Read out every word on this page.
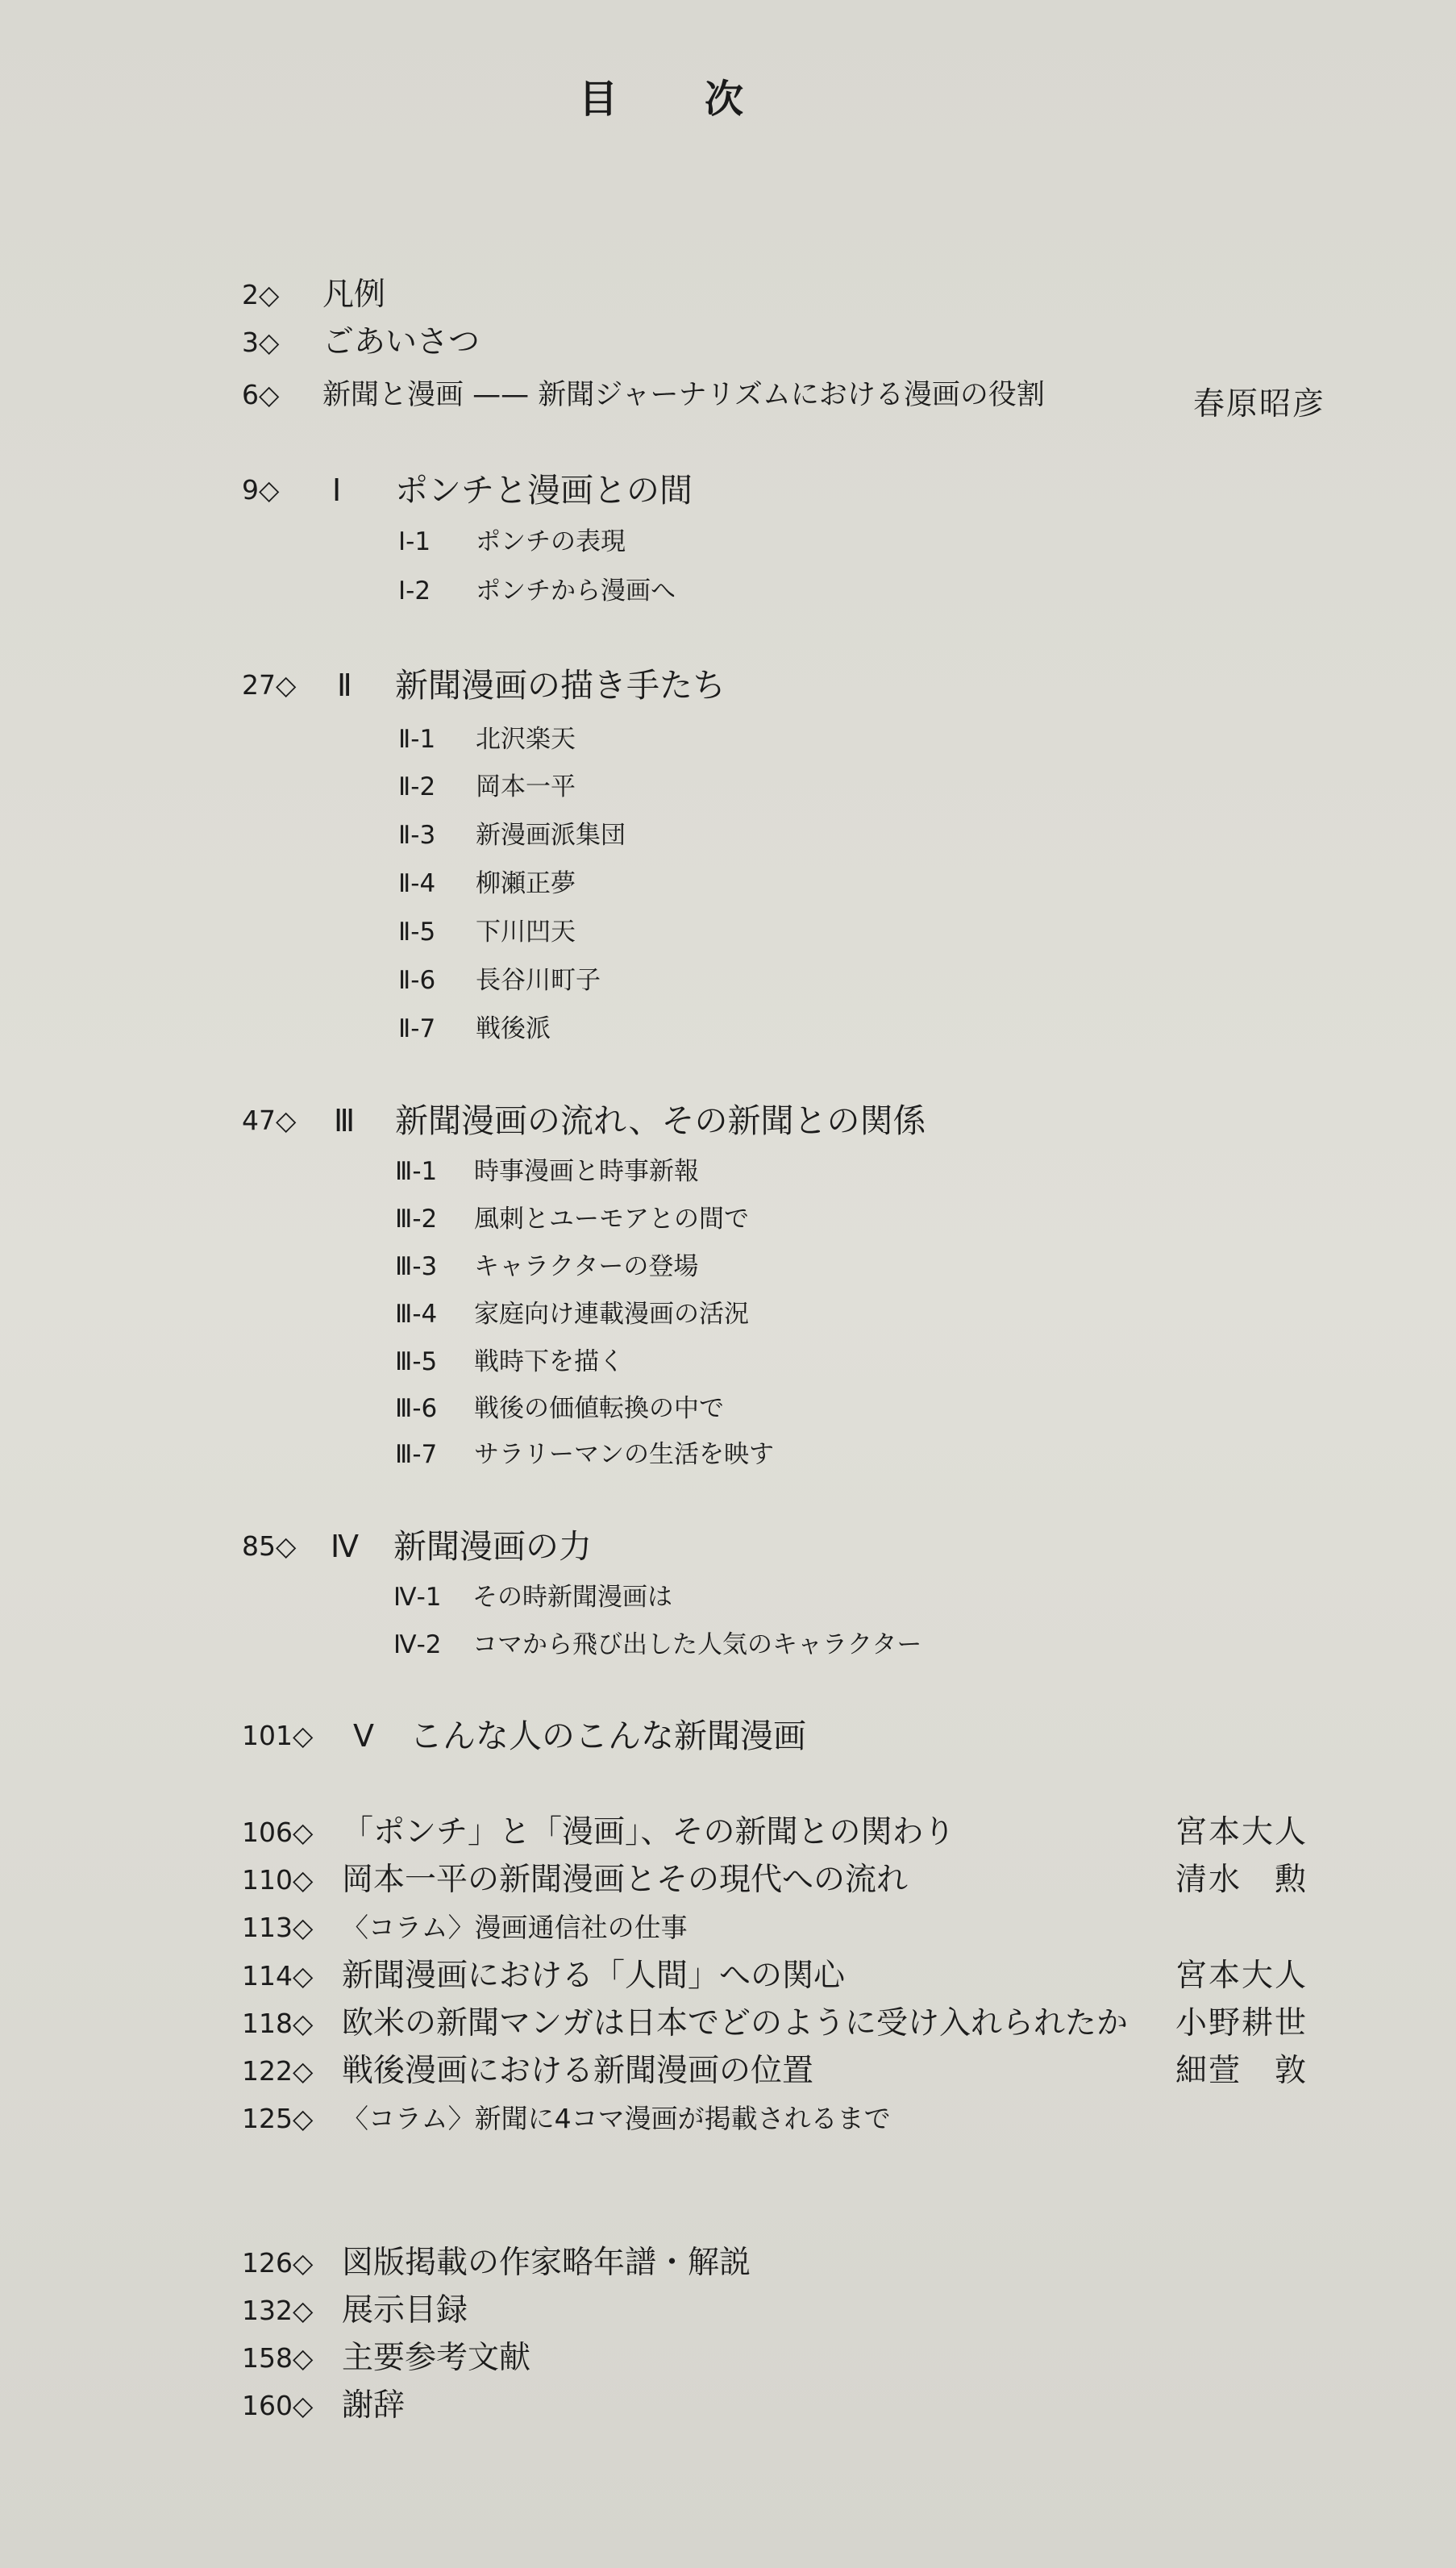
目　次
2◇ 凡例
3◇ ごあいさつ
6◇ 新聞と漫画 —— 新聞ジャーナリズムにおける漫画の役割	春原昭彦
9◇ Ⅰ ポンチと漫画との間
Ⅰ-1 ポンチの表現
Ⅰ-2 ポンチから漫画へ
27◇ Ⅱ 新聞漫画の描き手たち
Ⅱ-1 北沢楽天
Ⅱ-2 岡本一平
Ⅱ-3 新漫画派集団
Ⅱ-4 柳瀬正夢
Ⅱ-5 下川凹天
Ⅱ-6 長谷川町子
Ⅱ-7 戦後派
47◇ Ⅲ 新聞漫画の流れ、その新聞との関係
Ⅲ-1 時事漫画と時事新報
Ⅲ-2 風刺とユーモアとの間で
Ⅲ-3 キャラクターの登場
Ⅲ-4 家庭向け連載漫画の活況
Ⅲ-5 戦時下を描く
Ⅲ-6 戦後の価値転換の中で
Ⅲ-7 サラリーマンの生活を映す
85◇ Ⅳ 新聞漫画の力
Ⅳ-1 その時新聞漫画は
Ⅳ-2 コマから飛び出した人気のキャラクター
101◇ Ⅴ こんな人のこんな新聞漫画
106◇ 「ポンチ」と「漫画」、その新聞との関わり	宮本大人
110◇ 岡本一平の新聞漫画とその現代への流れ	清水　勲
113◇ 〈コラム〉漫画通信社の仕事
114◇ 新聞漫画における「人間」への関心	宮本大人
118◇ 欧米の新聞マンガは日本でどのように受け入れられたか 小野耕世
122◇ 戦後漫画における新聞漫画の位置	細萱　敦
125◇ 〈コラム〉新聞に4コマ漫画が掲載されるまで
126◇ 図版掲載の作家略年譜・解説
132◇ 展示目録
158◇ 主要参考文献
160◇ 謝辞
